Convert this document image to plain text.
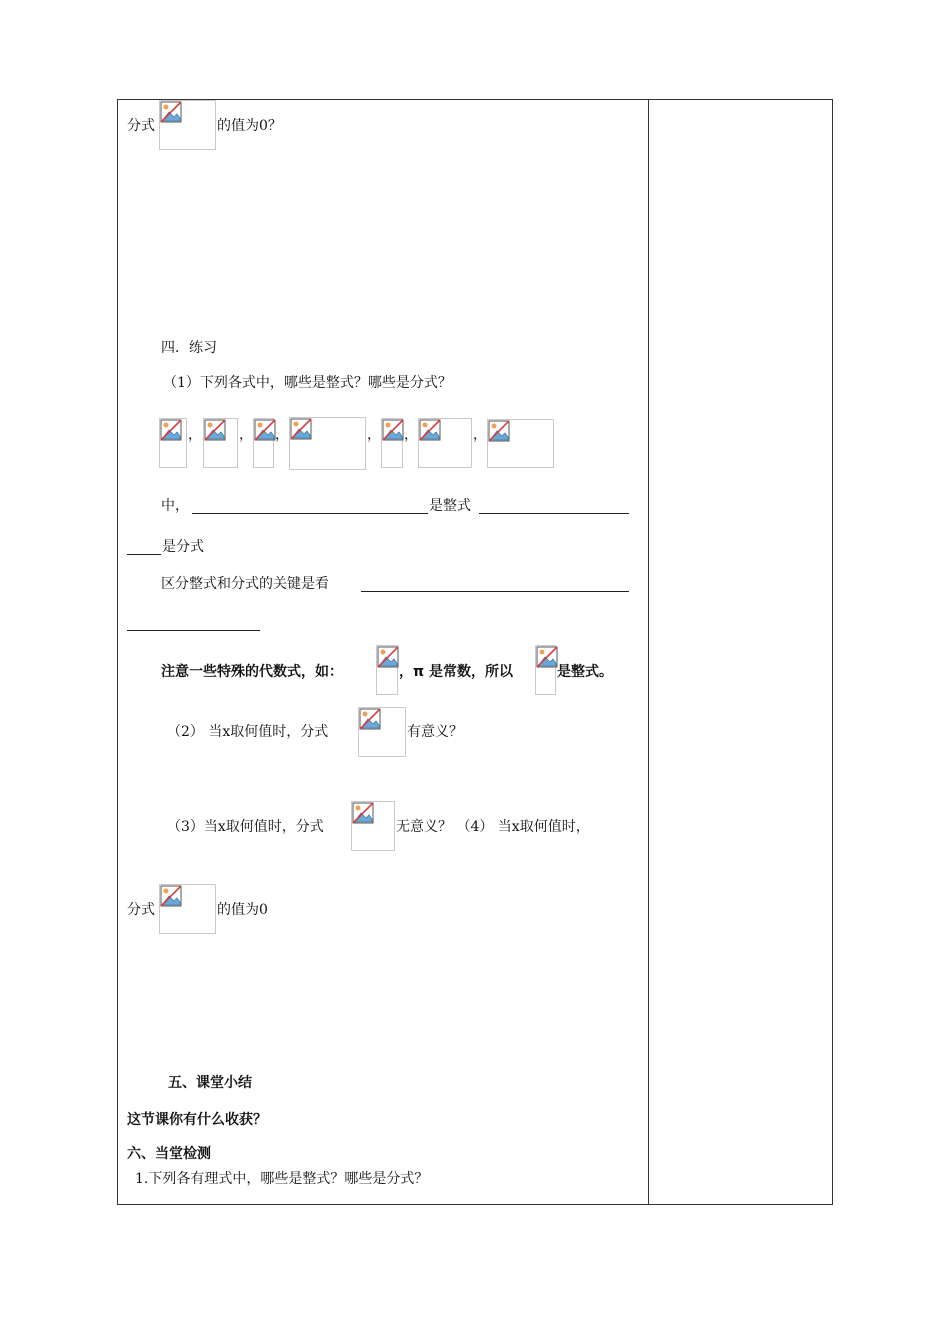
分式	的值为0？
四．练习
（1）下列各式中，哪些是整式？哪些是分式？
，	， ，	， ，	，
中，	是整式
是分式
区分整式和分式的关键是看
注意一些特殊的代数式，如：	，π 是常数，所以	是整式。
（2） 当x取何值时，分式	有意义？
（3）当x取何值时，分式	无意义？ （4） 当x取何值时，
分式	的值为0
五、课堂小结
这节课你有什么收获？
六、当堂检测
1.下列各有理式中，哪些是整式？哪些是分式？
